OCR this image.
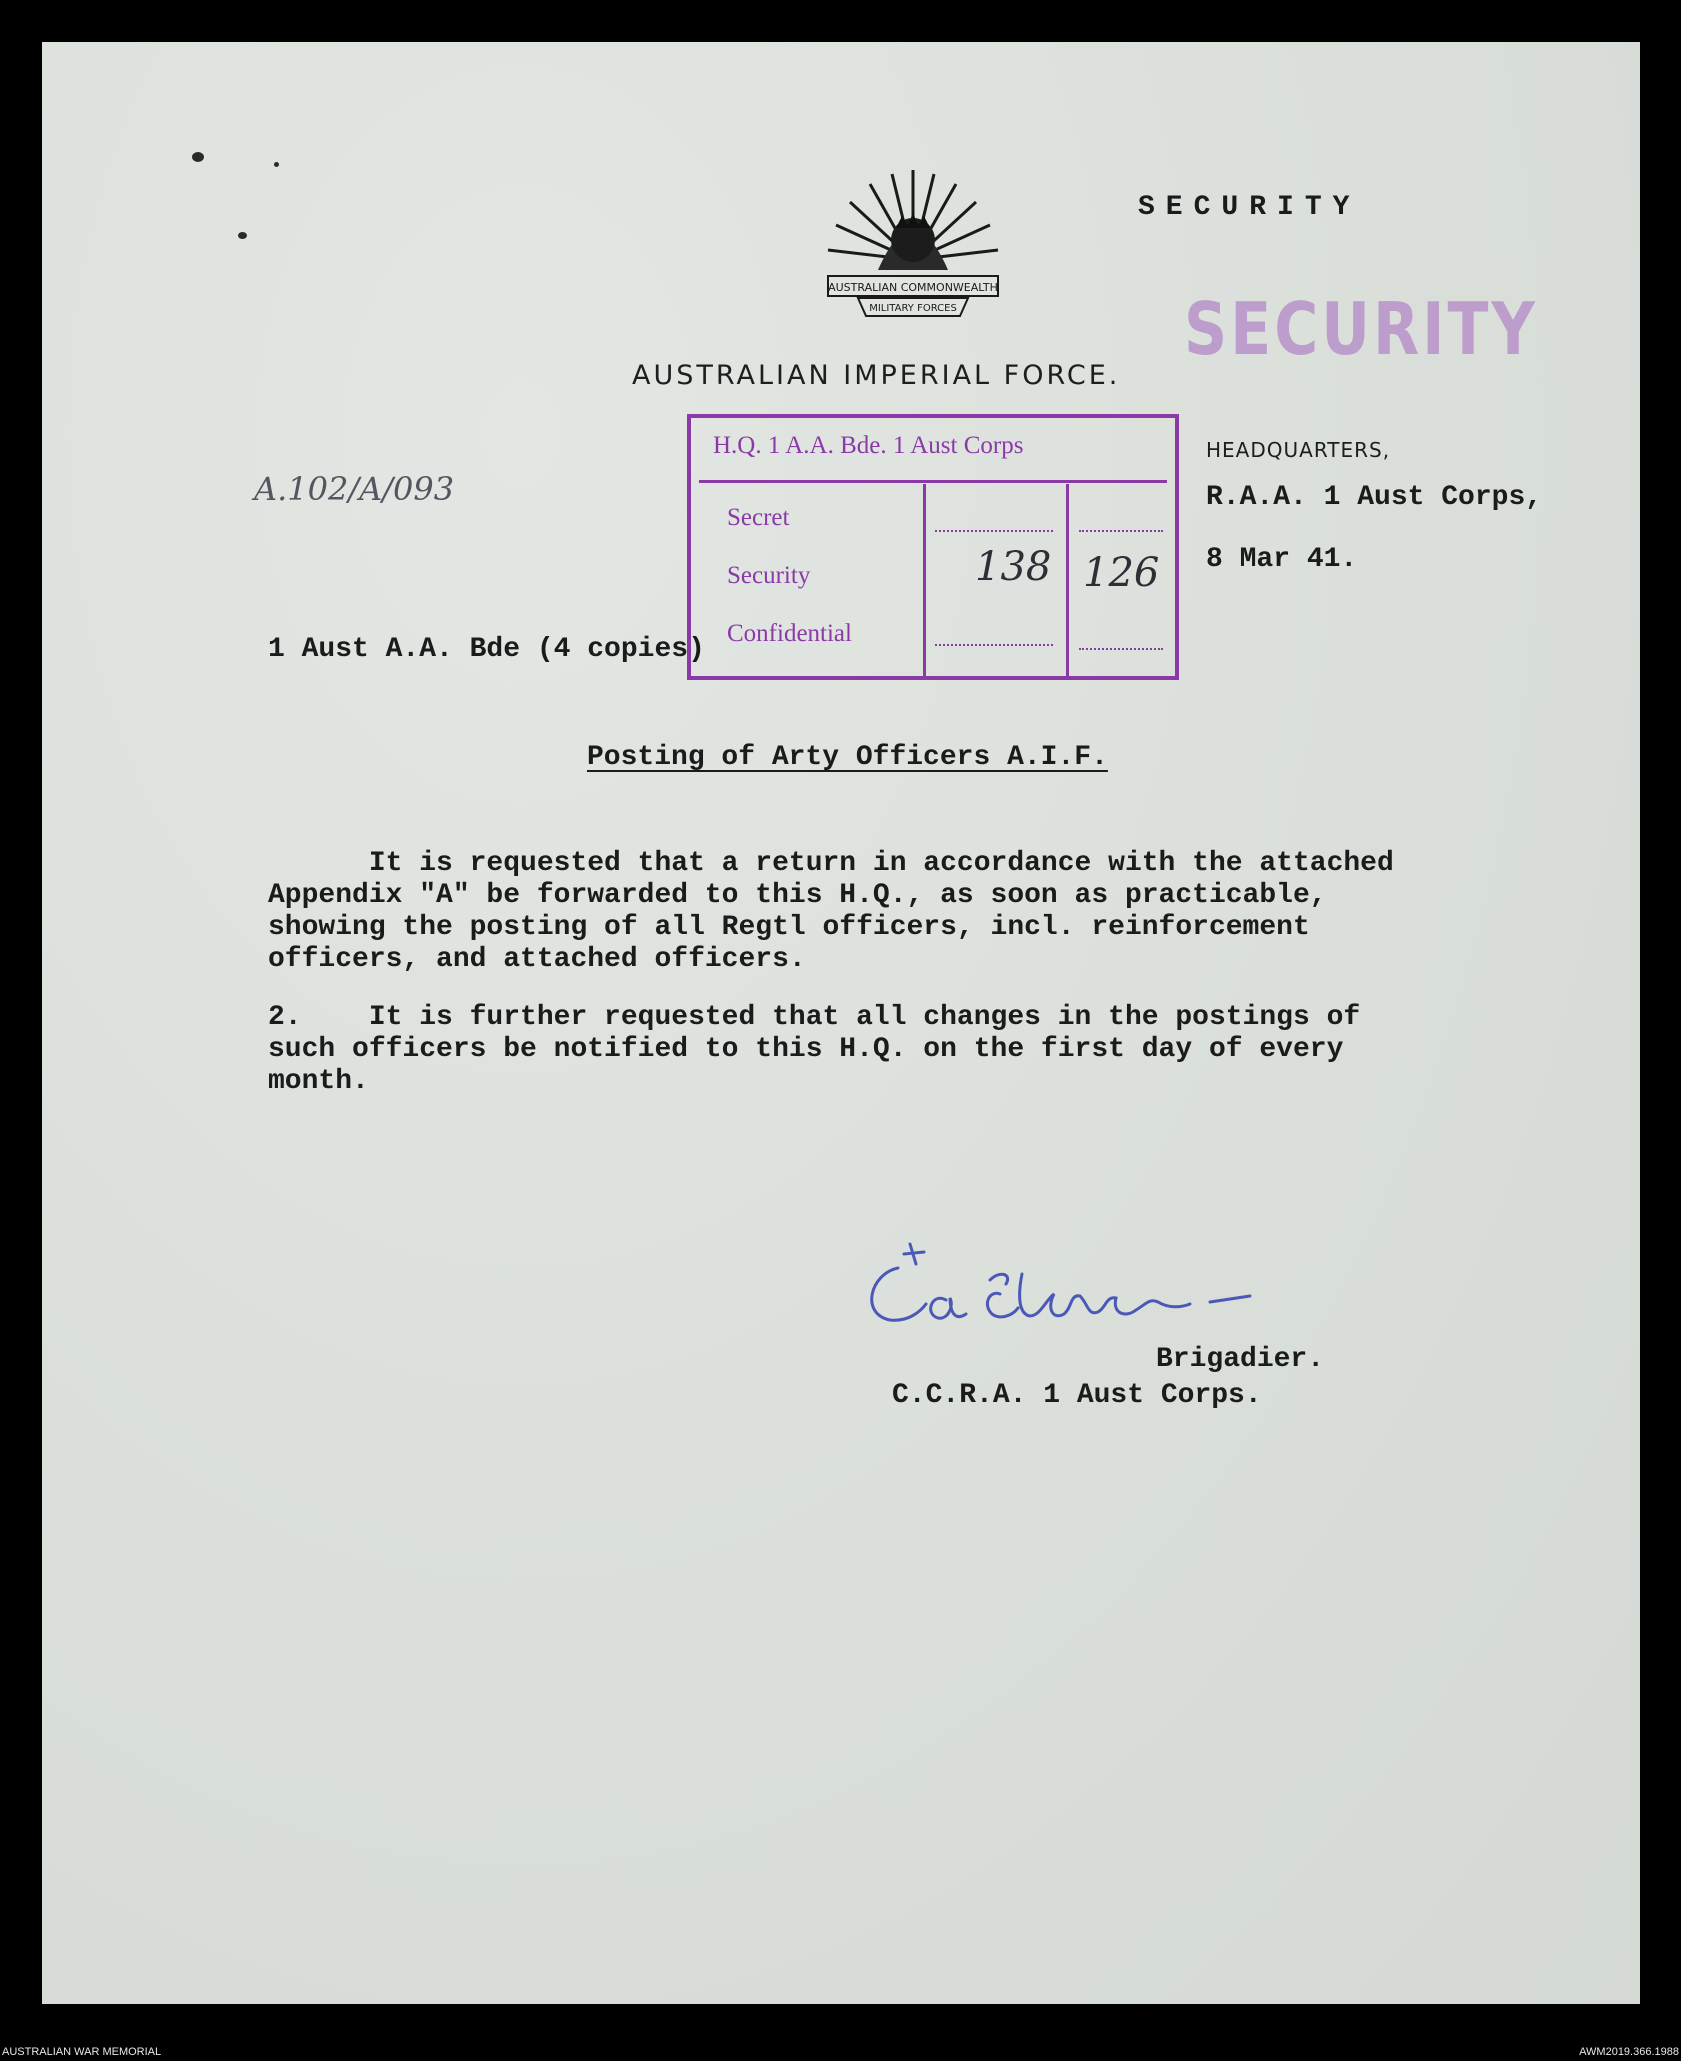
SECURITY
SECURITY
AUSTRALIAN COMMONWEALTH
MILITARY FORCES
AUSTRALIAN IMPERIAL FORCE.
HEADQUARTERS,
R.A.A. 1 Aust Corps,
8 Mar 41.
A.102/A/093
H.Q. 1 A.A. Bde. 1 Aust Corps
Secret
Security
Confidential
138 126
1 Aust A.A. Bde (4 copies)
Posting of Arty Officers A.I.F.
It is requested that a return in accordance with the attached
Appendix "A" be forwarded to this H.Q., as soon as practicable,
showing the posting of all Regtl officers, incl. reinforcement
officers, and attached officers.
2.    It is further requested that all changes in the postings of
such officers be notified to this H.Q. on the first day of every
month.
Brigadier.
C.C.R.A. 1 Aust Corps.
AUSTRALIAN WAR MEMORIAL	AWM2019.366.1988
